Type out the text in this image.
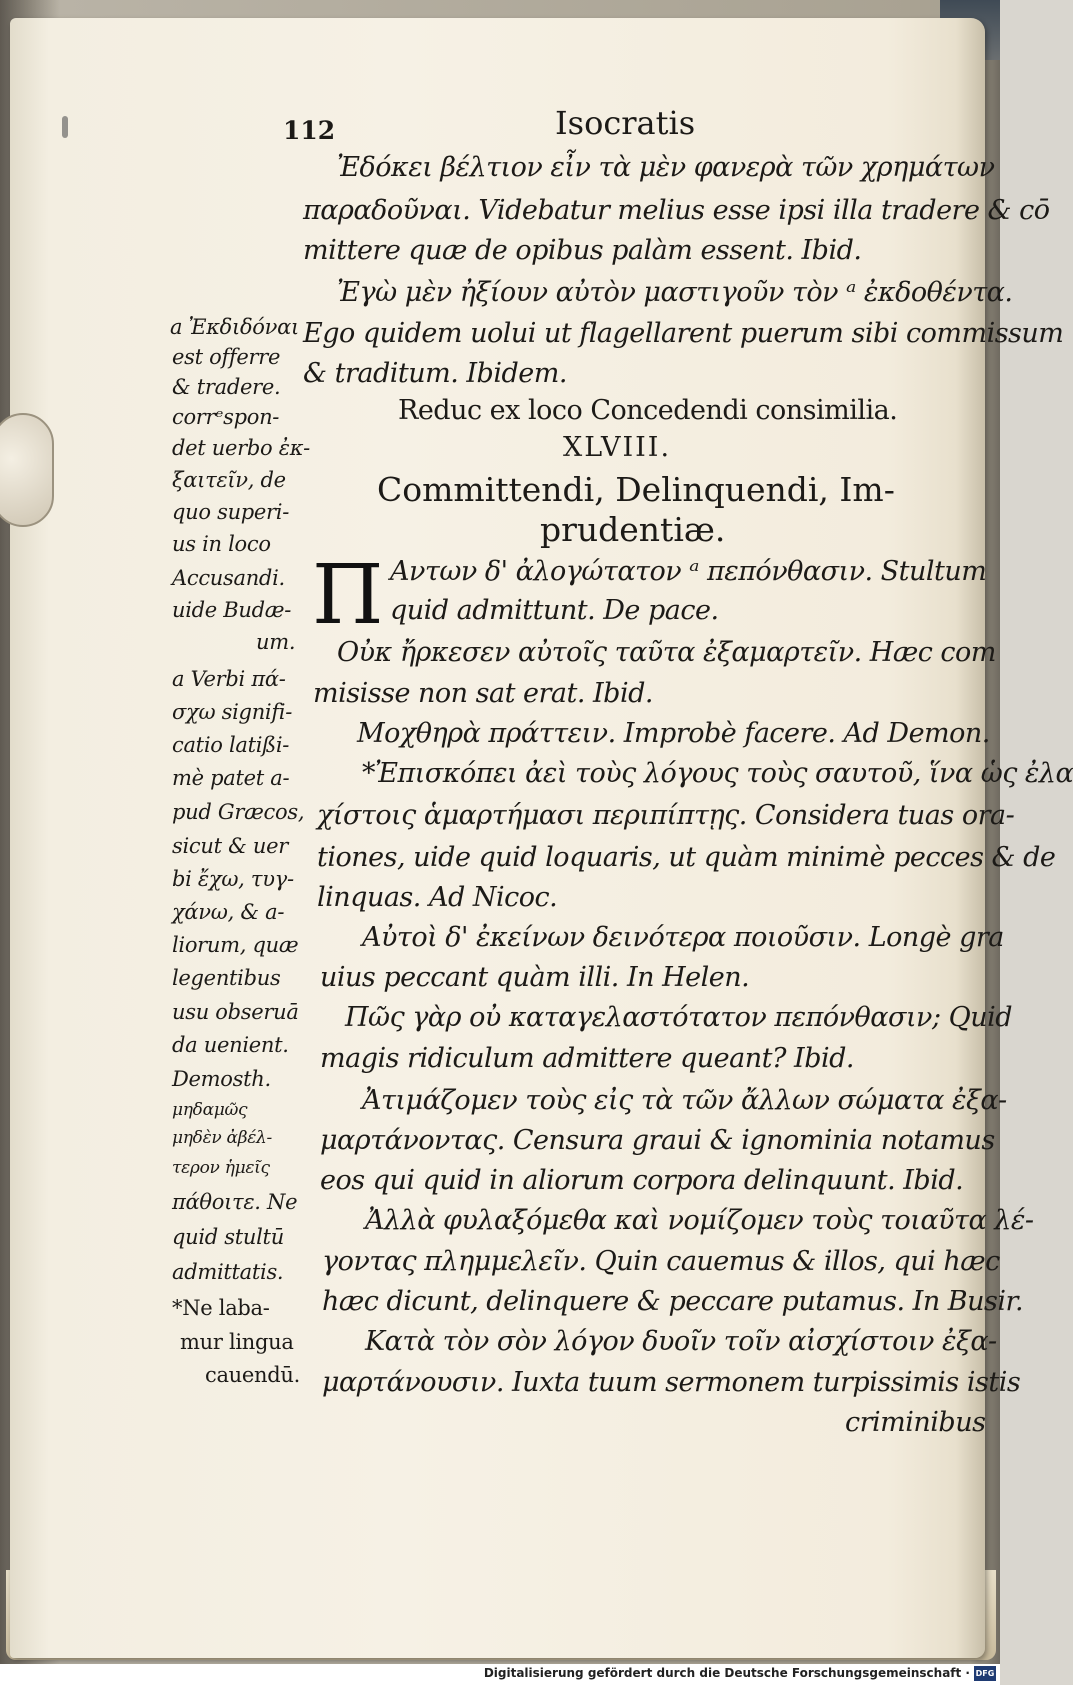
112	Isocratis
Ἐδόκει βέλτιον εἶν τὰ μὲν φανερὰ τῶν χρημάτων
παραδοῦναι. Videbatur melius esse ipsi illa tradere & cō
mittere quæ de opibus palàm essent. Ibid.
Ἐγὼ μὲν ἠξίουν αὐτὸν μαστιγοῦν τὸν ᵃ ἐκδοθέντα.
Ego quidem uolui ut flagellarent puerum sibi commissum
& traditum. Ibidem.
Reduc ex loco Concedendi consimilia.
XLVIII.
Committendi, Delinquendi, Im-
prudentiæ.
Π Αντων δ' ἀλογώτατον ᵃ πεπόνθασιν. Stultum
quid admittunt. De pace.
Οὐκ ἤρκεσεν αὐτοῖς ταῦτα ἐξαμαρτεῖν. Hæc com
misisse non sat erat. Ibid.
Μοχθηρὰ πράττειν. Improbè facere. Ad Demon.
*Ἐπισκόπει ἀεὶ τοὺς λόγους τοὺς σαυτοῦ, ἵνα ὡς ἐλα
χίστοις ἁμαρτήμασι περιπίπτῃς. Considera tuas ora-
tiones, uide quid loquaris, ut quàm minimè pecces & de
linquas. Ad Nicoc.
Αὐτοὶ δ' ἐκείνων δεινότερα ποιοῦσιν. Longè gra
uius peccant quàm illi. In Helen.
Πῶς γὰρ οὐ καταγελαστότατον πεπόνθασιν; Quid
magis ridiculum admittere queant? Ibid.
Ἀτιμάζομεν τοὺς εἰς τὰ τῶν ἄλλων σώματα ἐξα-
μαρτάνοντας. Censura graui & ignominia notamus
eos qui quid in aliorum corpora delinquunt. Ibid.
Ἀλλὰ φυλαξόμεθα καὶ νομίζομεν τοὺς τοιαῦτα λέ-
γοντας πλημμελεῖν. Quin cauemus & illos, qui hæc
hæc dicunt, delinquere & peccare putamus. In Busir.
Κατὰ τὸν σὸν λόγον δυοῖν τοῖν αἰσχίστοιν ἐξα-
μαρτάνουσιν. Iuxta tuum sermonem turpissimis istis
criminibus
a Ἐκδιδόναι
est offerre
& tradere.
corrᵉspon-
det uerbo ἐκ-
ξαιτεῖν, de
quo superi-
us in loco
Accusandi.
uide Budæ-
um.
a Verbi πά-
σχω signifi-
catio latißi-
mè patet a-
pud Græcos,
sicut & uer
bi ἔχω, τυγ-
χάνω, & a-
liorum, quæ
legentibus
usu obseruā
da uenient.
Demosth.
μηδαμῶς
μηδὲν ἀβέλ-
τερον ἡμεῖς
πάθοιτε. Ne
quid stultū
admittatis.
*Ne laba-
mur lingua
cauendū.
Digitalisierung gefördert durch die Deutsche Forschungsgemeinschaft · DFG
